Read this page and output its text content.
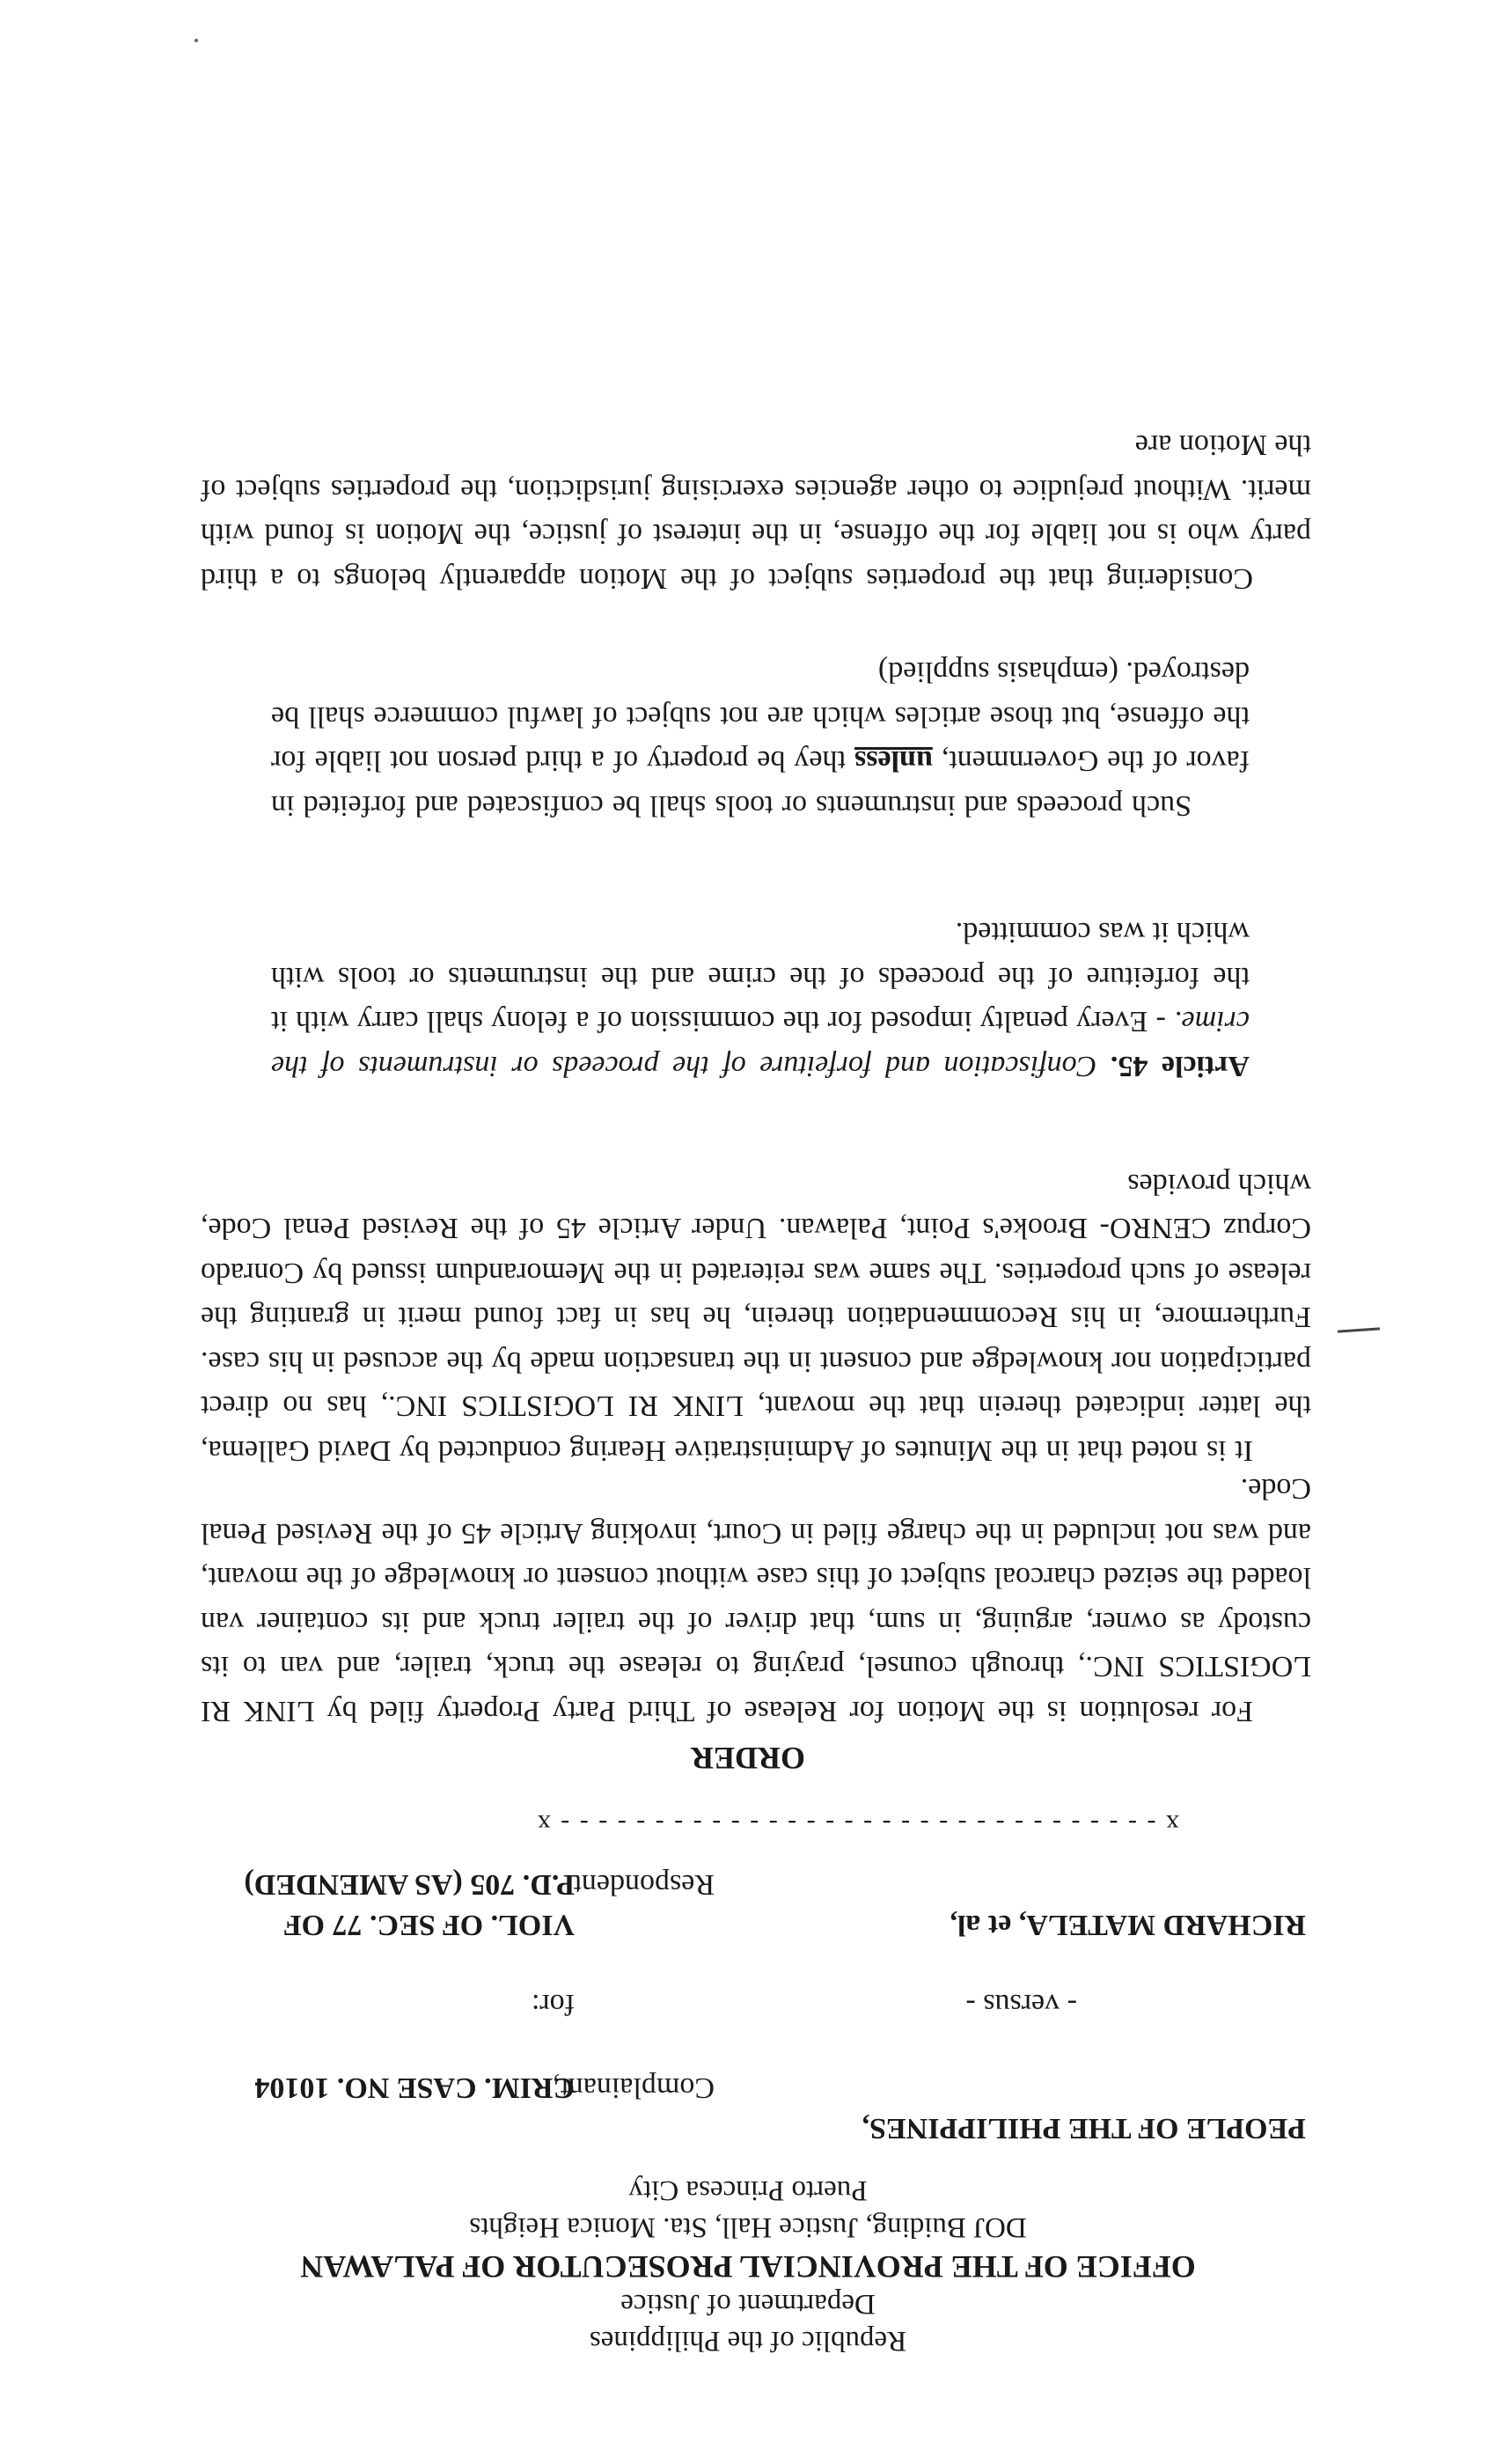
Republic of the Philippines
Department of Justice
OFFICE OF THE PROVINCIAL PROSECUTOR OF PALAWAN
DOJ Buiding, Justice Hall, Sta. Monica Heights
Puerto Princesa City
PEOPLE OF THE PHILIPPINES,
Complainant,
CRIM. CASE NO. 10104
- versus -
for:
RICHARD MATELA, et al,
VIOL. OF SEC. 77 OF
Respondent.
P.D. 705 (AS AMENDED)
x - - - - - - - - - - - - - - - - - - - - - - - - - - - - - - - - x
ORDER

For resolution is the Motion for Release of Third Party Property filed by LINK RI LOGISTICS INC., through counsel, praying to release the truck, trailer, and van to its custody as owner, arguing, in sum, that driver of the trailer truck and its container van loaded the seized charcoal subject of this case without consent or knowledge of the movant, and was not included in the charge filed in Court, invoking Article 45 of the Revised Penal Code.

It is noted that in the Minutes of Administrative Hearing conducted by David Gallema, the latter indicated therein that the movant, LINK RI LOGISTICS INC., has no direct participation nor knowledge and consent in the transaction made by the accused in his case. Furthermore, in his Recommendation therein, he has in fact found merit in granting the release of such properties. The same was reiterated in the Memorandum issued by Conrado Corpuz CENRO- Brooke's Point, Palawan. Under Article 45 of the Revised Penal Code, which provides

Article 45. Confiscation and forfeiture of the proceeds or instruments of the crime. - Every penalty imposed for the commission of a felony shall carry with it the forfeiture of the proceeds of the crime and the instruments or tools with which it was committed.
Such proceeds and instruments or tools shall be confiscated and forfeited in favor of the Government, unless they be property of a third person not liable for the offense, but those articles which are not subject of lawful commerce shall be destroyed. (emphasis supplied)

Considering that the properties subject of the Motion apparently belongs to a third party who is not liable for the offense, in the interest of justice, the Motion is found with merit. Without prejudice to other agencies exercising jurisdiction, the properties subject of the Motion are
